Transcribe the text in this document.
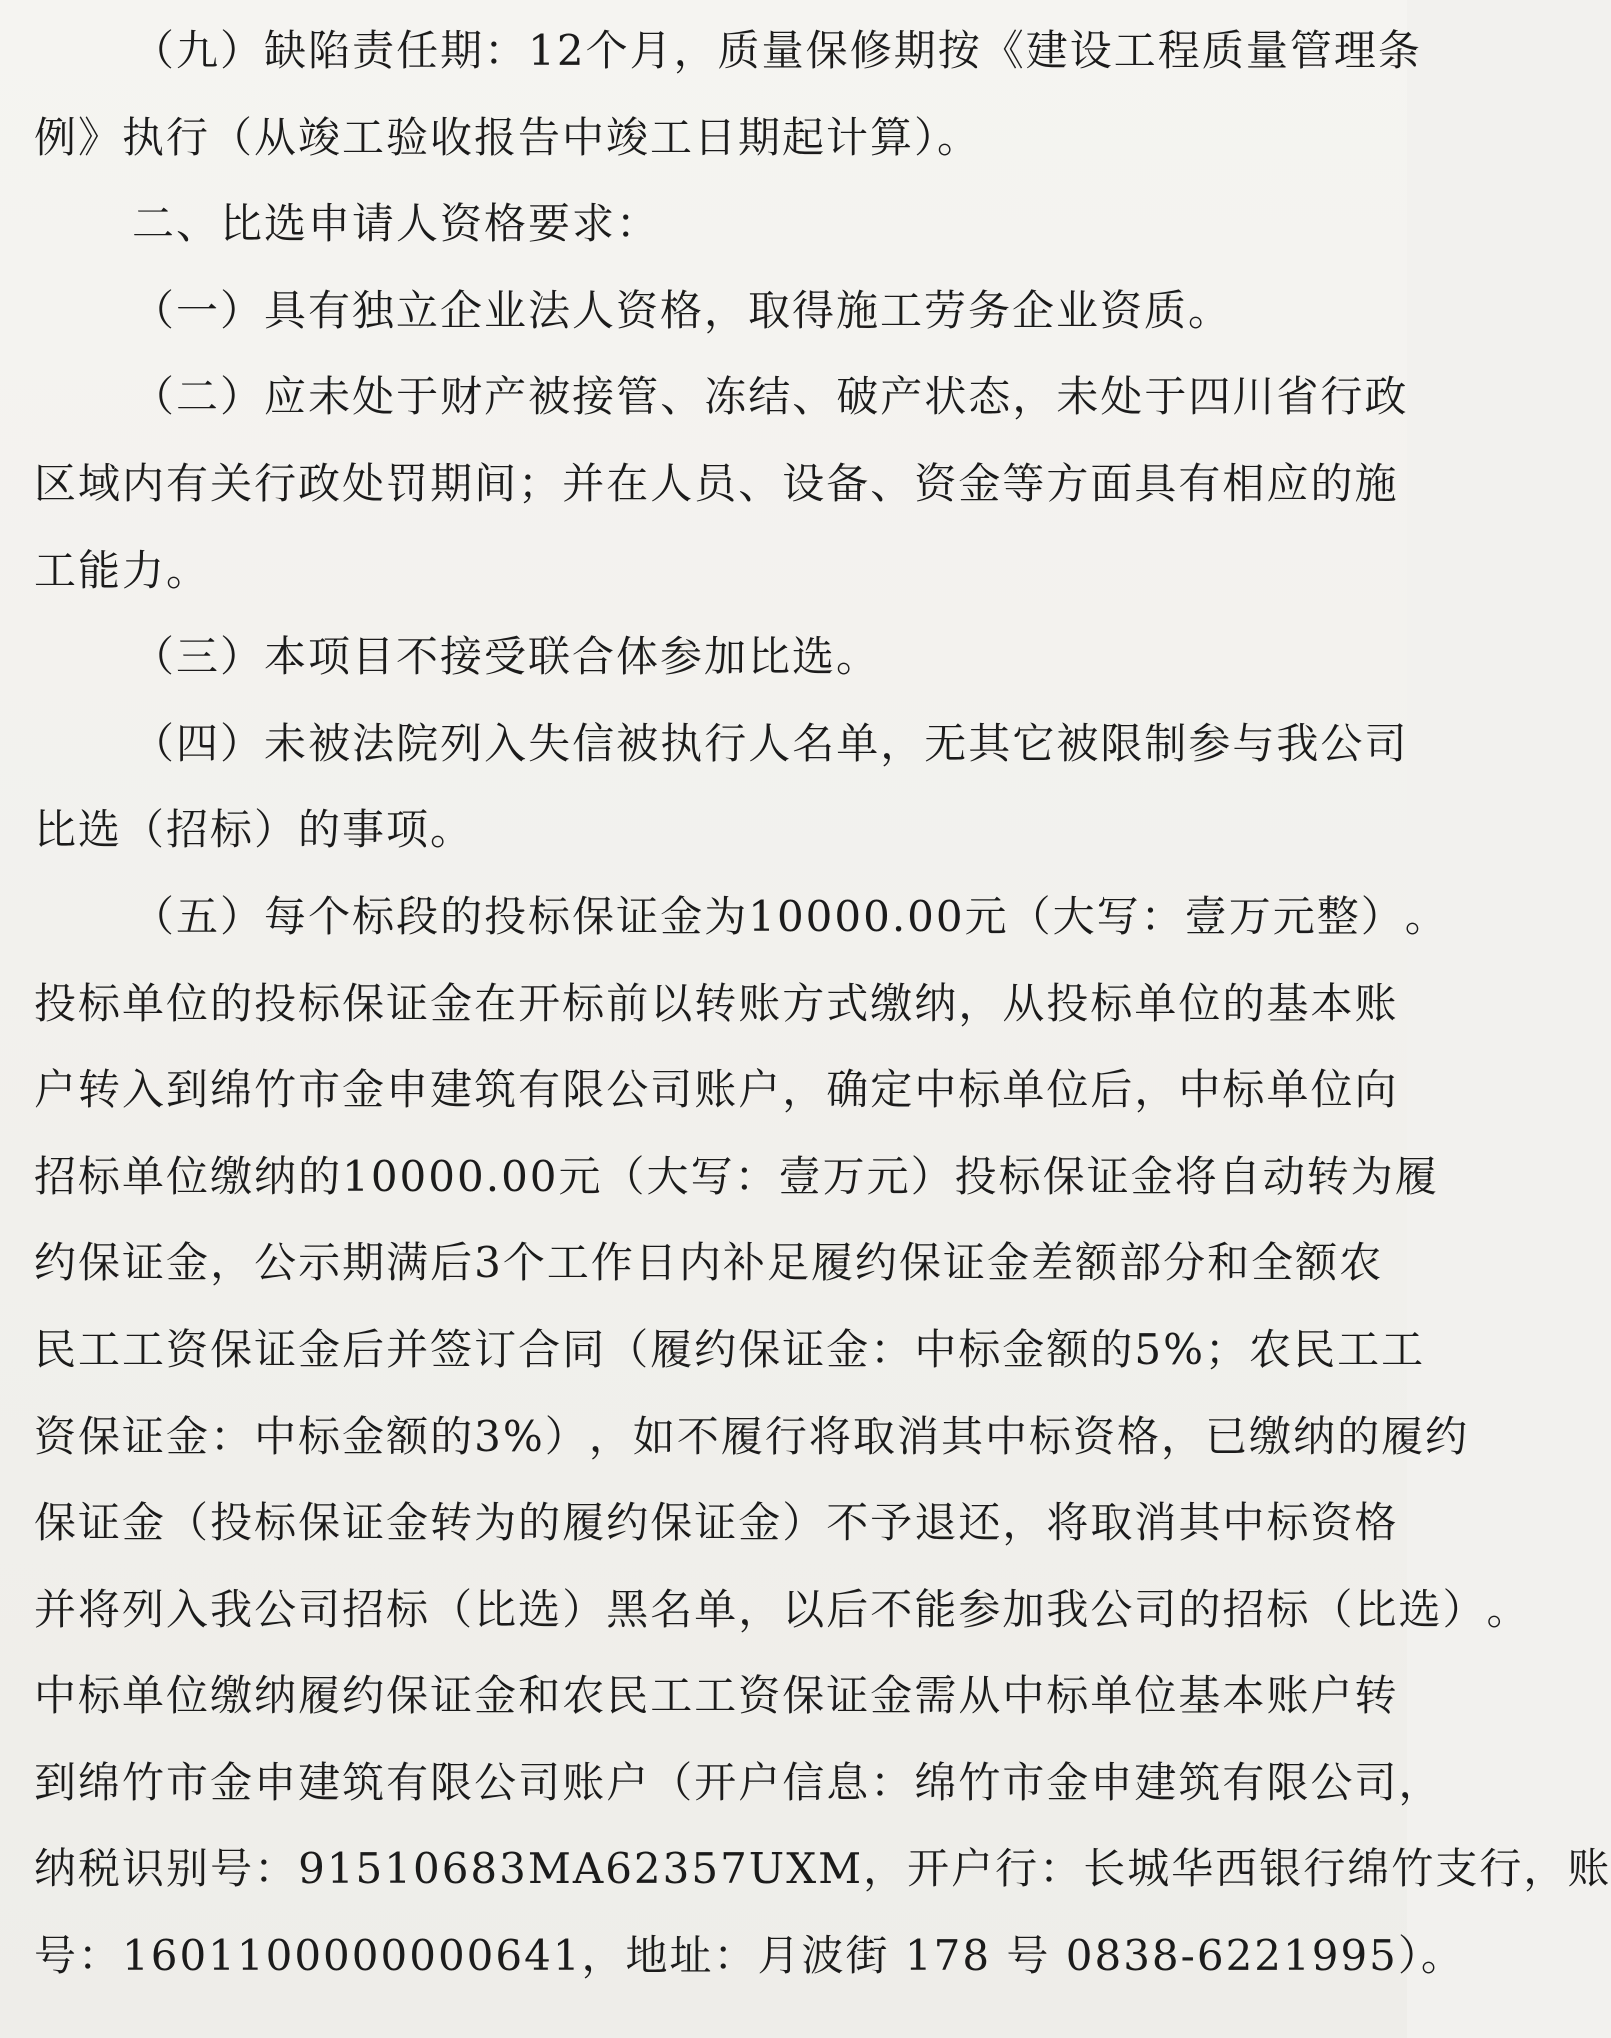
（ 九 ） 缺 陷 责 任 期 ： 12 个 月 ， 质 量 保 修 期 按 《 建 设 工 程 质 量 管 理 条
例》执行（从竣工验收报告中竣工日期起计算）。
二、比选申请人资格要求：
（一）具有独立企业法人资格，取得施工劳务企业资质。
（ 二 ） 应 未 处 于 财 产 被 接 管 、 冻 结 、 破 产 状 态 ， 未 处 于 四 川 省 行 政
区 域 内 有 关 行 政 处 罚 期 间 ； 并 在 人 员 、 设 备 、 资 金 等 方 面 具 有 相 应 的 施
工能力。
（三）本项目不接受联合体参加比选。
（ 四 ） 未 被 法 院 列 入 失 信 被 执 行 人 名 单 ， 无 其 它 被 限 制 参 与 我 公 司
比选（招标）的事项。
（ 五 ） 每 个 标 段 的 投 标 保 证 金 为 10000.00 元 （ 大 写 ： 壹 万 元 整 ） 。
投 标 单 位 的 投 标 保 证 金 在 开 标 前 以 转 账 方 式 缴 纳 ， 从 投 标 单 位 的 基 本 账
户 转 入 到 绵 竹 市 金 申 建 筑 有 限 公 司 账 户 ， 确 定 中 标 单 位 后 ， 中 标 单 位 向
招 标 单 位 缴 纳 的 10000.00 元 （ 大 写 ： 壹 万 元 ） 投 标 保 证 金 将 自 动 转 为 履
约 保 证 金 ， 公 示 期 满 后 3 个 工 作 日 内 补 足 履 约 保 证 金 差 额 部 分 和 全 额 农
民 工 工 资 保 证 金 后 并 签 订 合 同 （ 履 约 保 证 金 ： 中 标 金 额 的 5% ； 农 民 工 工
资 保 证 金 ： 中 标 金 额 的 3% ） ， 如 不 履 行 将 取 消 其 中 标 资 格 ， 已 缴 纳 的 履 约
保 证 金 （ 投 标 保 证 金 转 为 的 履 约 保 证 金 ） 不 予 退 还 ， 将 取 消 其 中 标 资 格
并 将 列 入 我 公 司 招 标 （ 比 选 ） 黑 名 单 ， 以 后 不 能 参 加 我 公 司 的 招 标 （ 比 选 ） 。
中 标 单 位 缴 纳 履 约 保 证 金 和 农 民 工 工 资 保 证 金 需 从 中 标 单 位 基 本 账 户 转
到 绵 竹 市 金 申 建 筑 有 限 公 司 账 户 （ 开 户 信 息 ： 绵 竹 市 金 申 建 筑 有 限 公 司 ，
纳 税 识 别 号 ： 91510683MA62357UXM ， 开 户 行 ： 长 城 华 西 银 行 绵 竹 支 行 ， 账
号：1601100000000641，地址：月波街 178 号 0838-6221995）。
